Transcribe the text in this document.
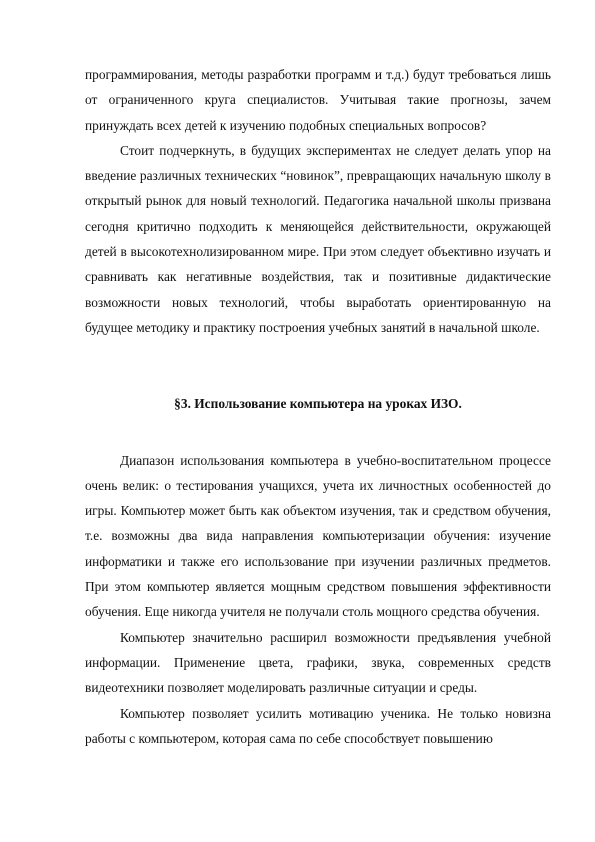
программирования, методы разработки программ и т.д.) будут требоваться лишь от ограниченного круга специалистов. Учитывая такие прогнозы, зачем принуждать всех детей к изучению подобных специальных вопросов?

Стоит подчеркнуть, в будущих экспериментах не следует делать упор на введение различных технических “новинок”, превращающих начальную школу в открытый рынок для новый технологий. Педагогика начальной школы призвана сегодня критично подходить к меняющейся действительности, окружающей детей в высокотехнолизированном мире. При этом следует объективно изучать и сравнивать как негативные воздействия, так и позитивные дидактические возможности новых технологий, чтобы выработать ориентированную на будущее методику и практику построения учебных занятий в начальной школе.

§3. Использование компьютера на уроках ИЗО.

Диапазон использования компьютера в учебно-воспитательном процессе очень велик: о тестирования учащихся, учета их личностных особенностей до игры. Компьютер может быть как объектом изучения, так и средством обучения, т.е. возможны два вида направления компьютеризации обучения: изучение информатики и также его использование при изучении различных предметов. При этом компьютер является мощным средством повышения эффективности обучения. Еще никогда учителя не получали столь мощного средства обучения.

Компьютер значительно расширил возможности предъявления учебной информации. Применение цвета, графики, звука, современных средств видеотехники позволяет моделировать различные ситуации и среды.

Компьютер позволяет усилить мотивацию ученика. Не только новизна работы с компьютером, которая сама по себе способствует повышению
